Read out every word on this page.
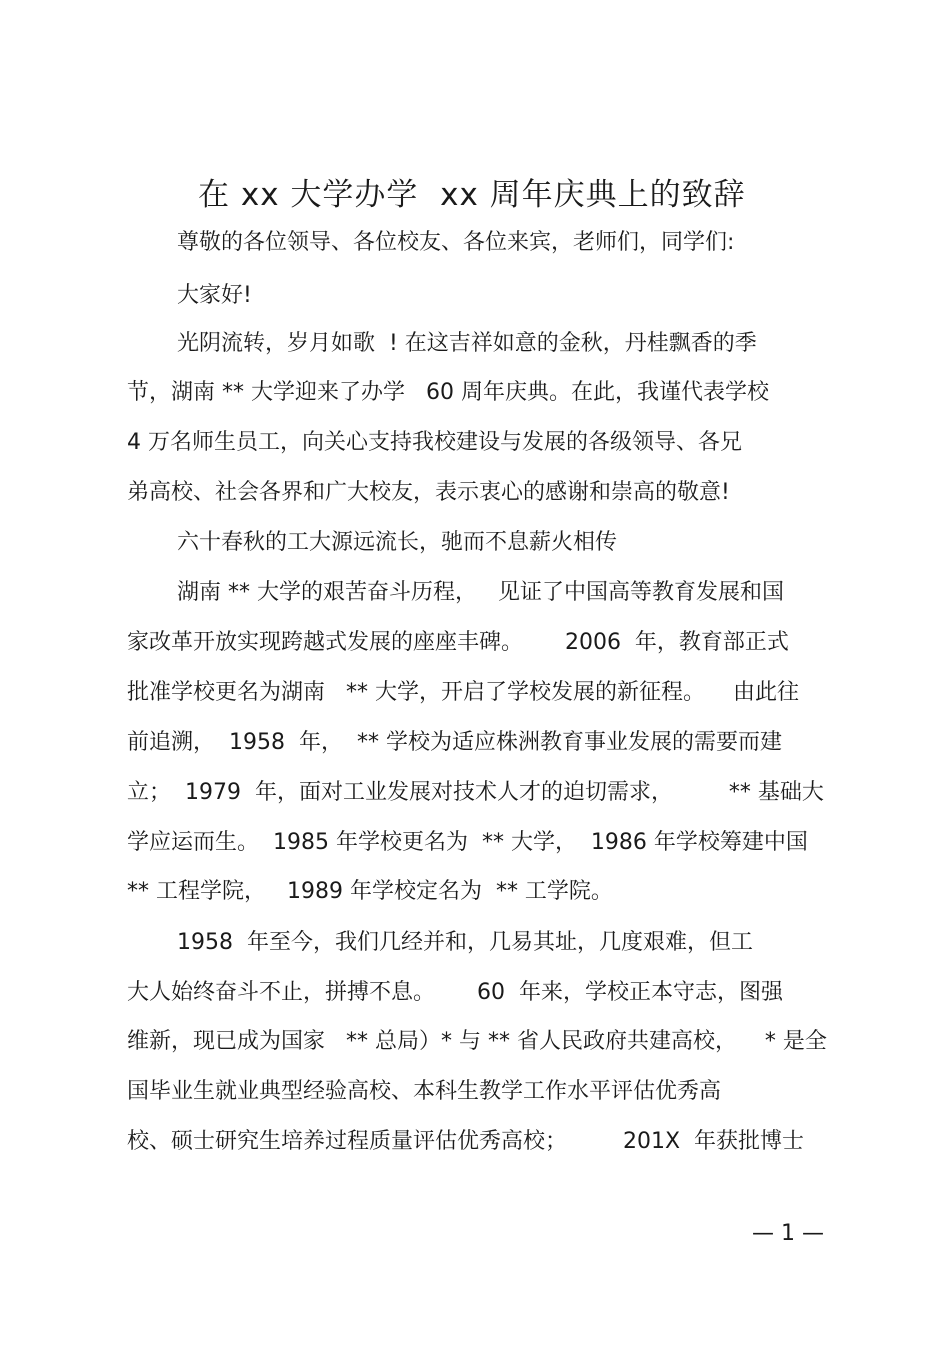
在 xx 大学办学  xx 周年庆典上的致辞
尊敬的各位领导、各位校友、各位来宾，老师们，同学们:
大家好!
光阴流转，岁月如歌  ! 在这吉祥如意的金秋，丹桂飘香的季
节，湖南 ** 大学迎来了办学   60 周年庆典。在此，我谨代表学校
4 万名师生员工，向关心支持我校建设与发展的各级领导、各兄
弟高校、社会各界和广大校友，表示衷心的感谢和崇高的敬意!
六十春秋的工大源远流长，驰而不息薪火相传
湖南 ** 大学的艰苦奋斗历程，   见证了中国高等教育发展和国
家改革开放实现跨越式发展的座座丰碑。      2006  年，教育部正式
批准学校更名为湖南   ** 大学，开启了学校发展的新征程。    由此往
前追溯，  1958  年，  ** 学校为适应株洲教育事业发展的需要而建
立；  1979  年，面对工业发展对技术人才的迫切需求，        ** 基础大
学应运而生。  1985 年学校更名为  ** 大学，  1986 年学校筹建中国
** 工程学院，   1989 年学校定名为  ** 工学院。
1958  年至今，我们几经并和，几易其址，几度艰难，但工
大人始终奋斗不止，拼搏不息。      60  年来，学校正本守志，图强
维新，现已成为国家   ** 总局）* 与 ** 省人民政府共建高校，    * 是全
国毕业生就业典型经验高校、本科生教学工作水平评估优秀高
校、硕士研究生培养过程质量评估优秀高校；        201X  年获批博士
— 1 —
